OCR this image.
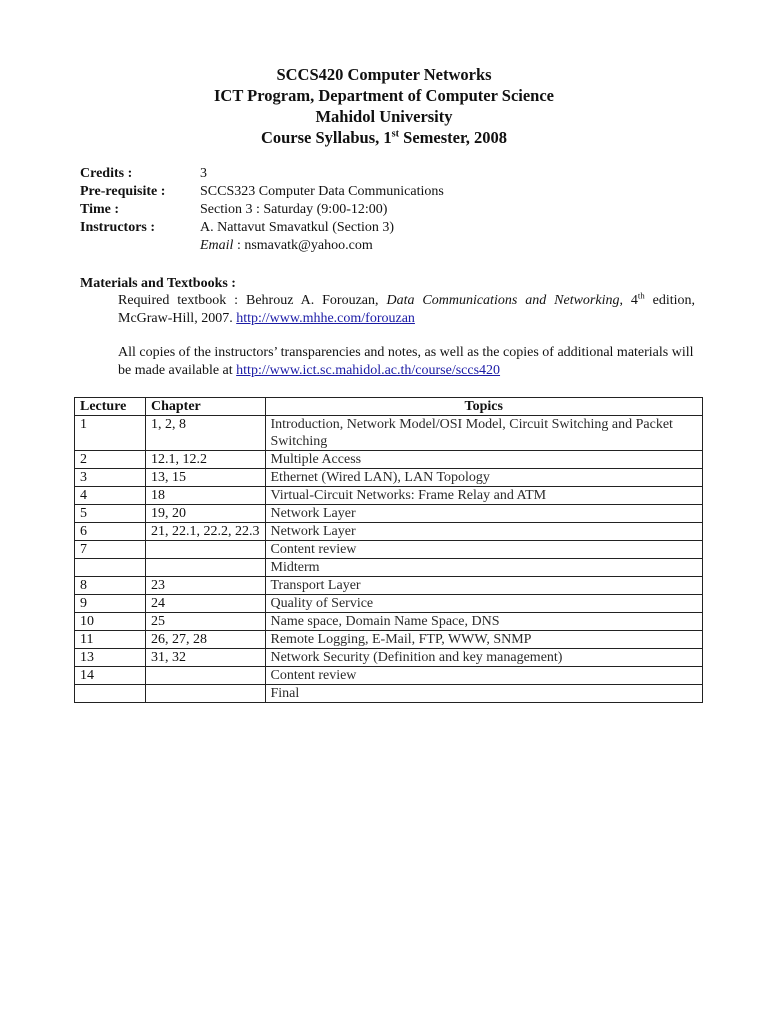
SCCS420 Computer Networks
ICT Program, Department of Computer Science
Mahidol University
Course Syllabus, 1st Semester, 2008
Credits :	3
Pre-requisite :	SCCS323 Computer Data Communications
Time :	Section 3 : Saturday (9:00-12:00)
Instructors :	A. Nattavut Smavatkul (Section 3)
Email : nsmavatk@yahoo.com
Materials and Textbooks :
Required textbook : Behrouz A. Forouzan, Data Communications and Networking, 4th edition, McGraw-Hill, 2007. http://www.mhhe.com/forouzan
All copies of the instructors’ transparencies and notes, as well as the copies of additional materials will be made available at http://www.ict.sc.mahidol.ac.th/course/sccs420
Lecture	Chapter	Topics
1	1, 2, 8	Introduction, Network Model/OSI Model, Circuit Switching and Packet Switching
2	12.1, 12.2	Multiple Access
3	13, 15	Ethernet (Wired LAN), LAN Topology
4	18	Virtual-Circuit Networks: Frame Relay and ATM
5	19, 20	Network Layer
6	21, 22.1, 22.2, 22.3	Network Layer
7		Content review
		Midterm
8	23	Transport Layer
9	24	Quality of Service
10	25	Name space, Domain Name Space, DNS
11	26, 27, 28	Remote Logging, E-Mail, FTP, WWW, SNMP
13	31, 32	Network Security (Definition and key management)
14		Content review
		Final
